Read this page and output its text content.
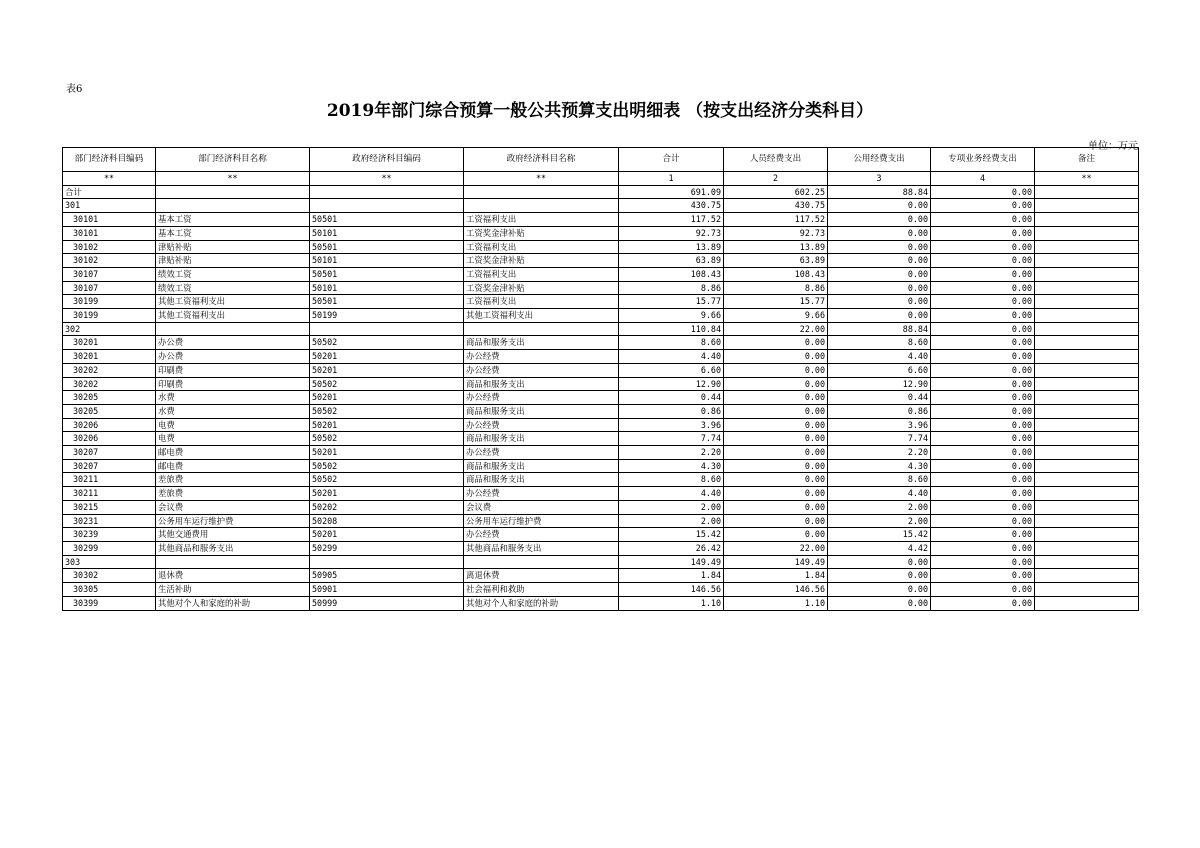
表6
2019年部门综合预算一般公共预算支出明细表 （按支出经济分类科目）
单位：万元
部门经济科目编码	部门经济科目名称	政府经济科目编码	政府经济科目名称	合计	人员经费支出	公用经费支出	专项业务经费支出	备注
**	**	**	**	1	2	3	4	**
合计				691.09	602.25	88.84	0.00	
301				430.75	430.75	0.00	0.00	
30101	基本工资	50501	工资福利支出	117.52	117.52	0.00	0.00	
30101	基本工资	50101	工资奖金津补贴	92.73	92.73	0.00	0.00	
30102	津贴补贴	50501	工资福利支出	13.89	13.89	0.00	0.00	
30102	津贴补贴	50101	工资奖金津补贴	63.89	63.89	0.00	0.00	
30107	绩效工资	50501	工资福利支出	108.43	108.43	0.00	0.00	
30107	绩效工资	50101	工资奖金津补贴	8.86	8.86	0.00	0.00	
30199	其他工资福利支出	50501	工资福利支出	15.77	15.77	0.00	0.00	
30199	其他工资福利支出	50199	其他工资福利支出	9.66	9.66	0.00	0.00	
302				110.84	22.00	88.84	0.00	
30201	办公费	50502	商品和服务支出	8.60	0.00	8.60	0.00	
30201	办公费	50201	办公经费	4.40	0.00	4.40	0.00	
30202	印刷费	50201	办公经费	6.60	0.00	6.60	0.00	
30202	印刷费	50502	商品和服务支出	12.90	0.00	12.90	0.00	
30205	水费	50201	办公经费	0.44	0.00	0.44	0.00	
30205	水费	50502	商品和服务支出	0.86	0.00	0.86	0.00	
30206	电费	50201	办公经费	3.96	0.00	3.96	0.00	
30206	电费	50502	商品和服务支出	7.74	0.00	7.74	0.00	
30207	邮电费	50201	办公经费	2.20	0.00	2.20	0.00	
30207	邮电费	50502	商品和服务支出	4.30	0.00	4.30	0.00	
30211	差旅费	50502	商品和服务支出	8.60	0.00	8.60	0.00	
30211	差旅费	50201	办公经费	4.40	0.00	4.40	0.00	
30215	会议费	50202	会议费	2.00	0.00	2.00	0.00	
30231	公务用车运行维护费	50208	公务用车运行维护费	2.00	0.00	2.00	0.00	
30239	其他交通费用	50201	办公经费	15.42	0.00	15.42	0.00	
30299	其他商品和服务支出	50299	其他商品和服务支出	26.42	22.00	4.42	0.00	
303				149.49	149.49	0.00	0.00	
30302	退休费	50905	离退休费	1.84	1.84	0.00	0.00	
30305	生活补助	50901	社会福利和救助	146.56	146.56	0.00	0.00	
30399	其他对个人和家庭的补助	50999	其他对个人和家庭的补助	1.10	1.10	0.00	0.00	
